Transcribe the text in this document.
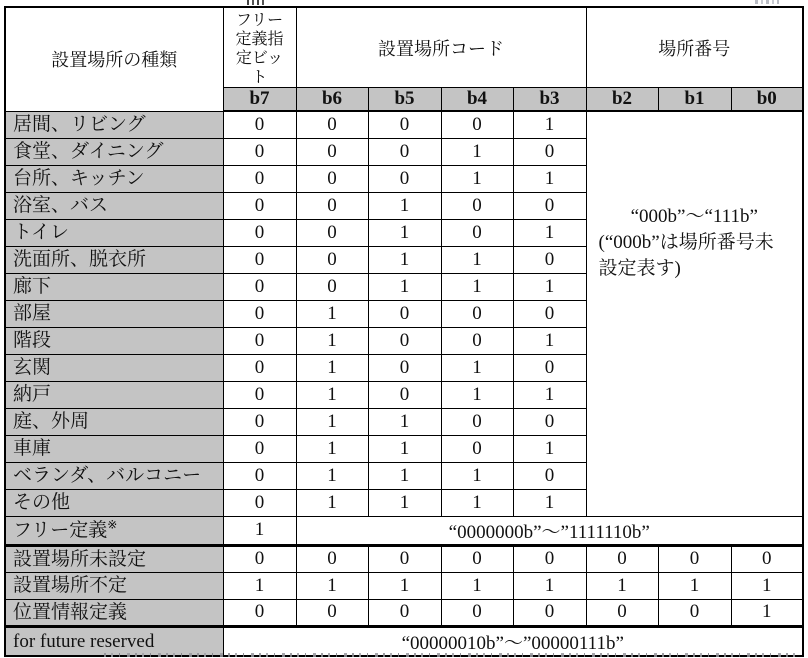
設置場所の種類	フリー定義指定ビット	設置場所コード				場所番号		
	b7	b6	b5	b4	b3	b2	b1	b0
居間、リビング	0	0	0	0	1	“000b”～“111b”
(“000b”は場所番号未設定表す)		

食堂、ダイニング	0	0	0	1	0			
台所、キッチン	0	0	0	1	1			
浴室、バス	0	0	1	0	0			
トイレ	0	0	1	0	1			
洗面所、脱衣所	0	0	1	1	0			
廊下	0	0	1	1	1			
部屋	0	1	0	0	0			
階段	0	1	0	0	1			
玄関	0	1	0	1	0			
納戸	0	1	0	1	1			
庭、外周	0	1	1	0	0			
車庫	0	1	1	0	1			
ベランダ、バルコニー	0	1	1	1	0			
その他	0	1	1	1	1			
フリー定義※	1	“0000000b”～”1111110b”						
設置場所未設定	0	0	0	0	0	0	0	0
設置場所不定	1	1	1	1	1	1	1	1
位置情報定義	0	0	0	0	0	0	0	1
for future reserved	“00000010b”～”00000111b”							
